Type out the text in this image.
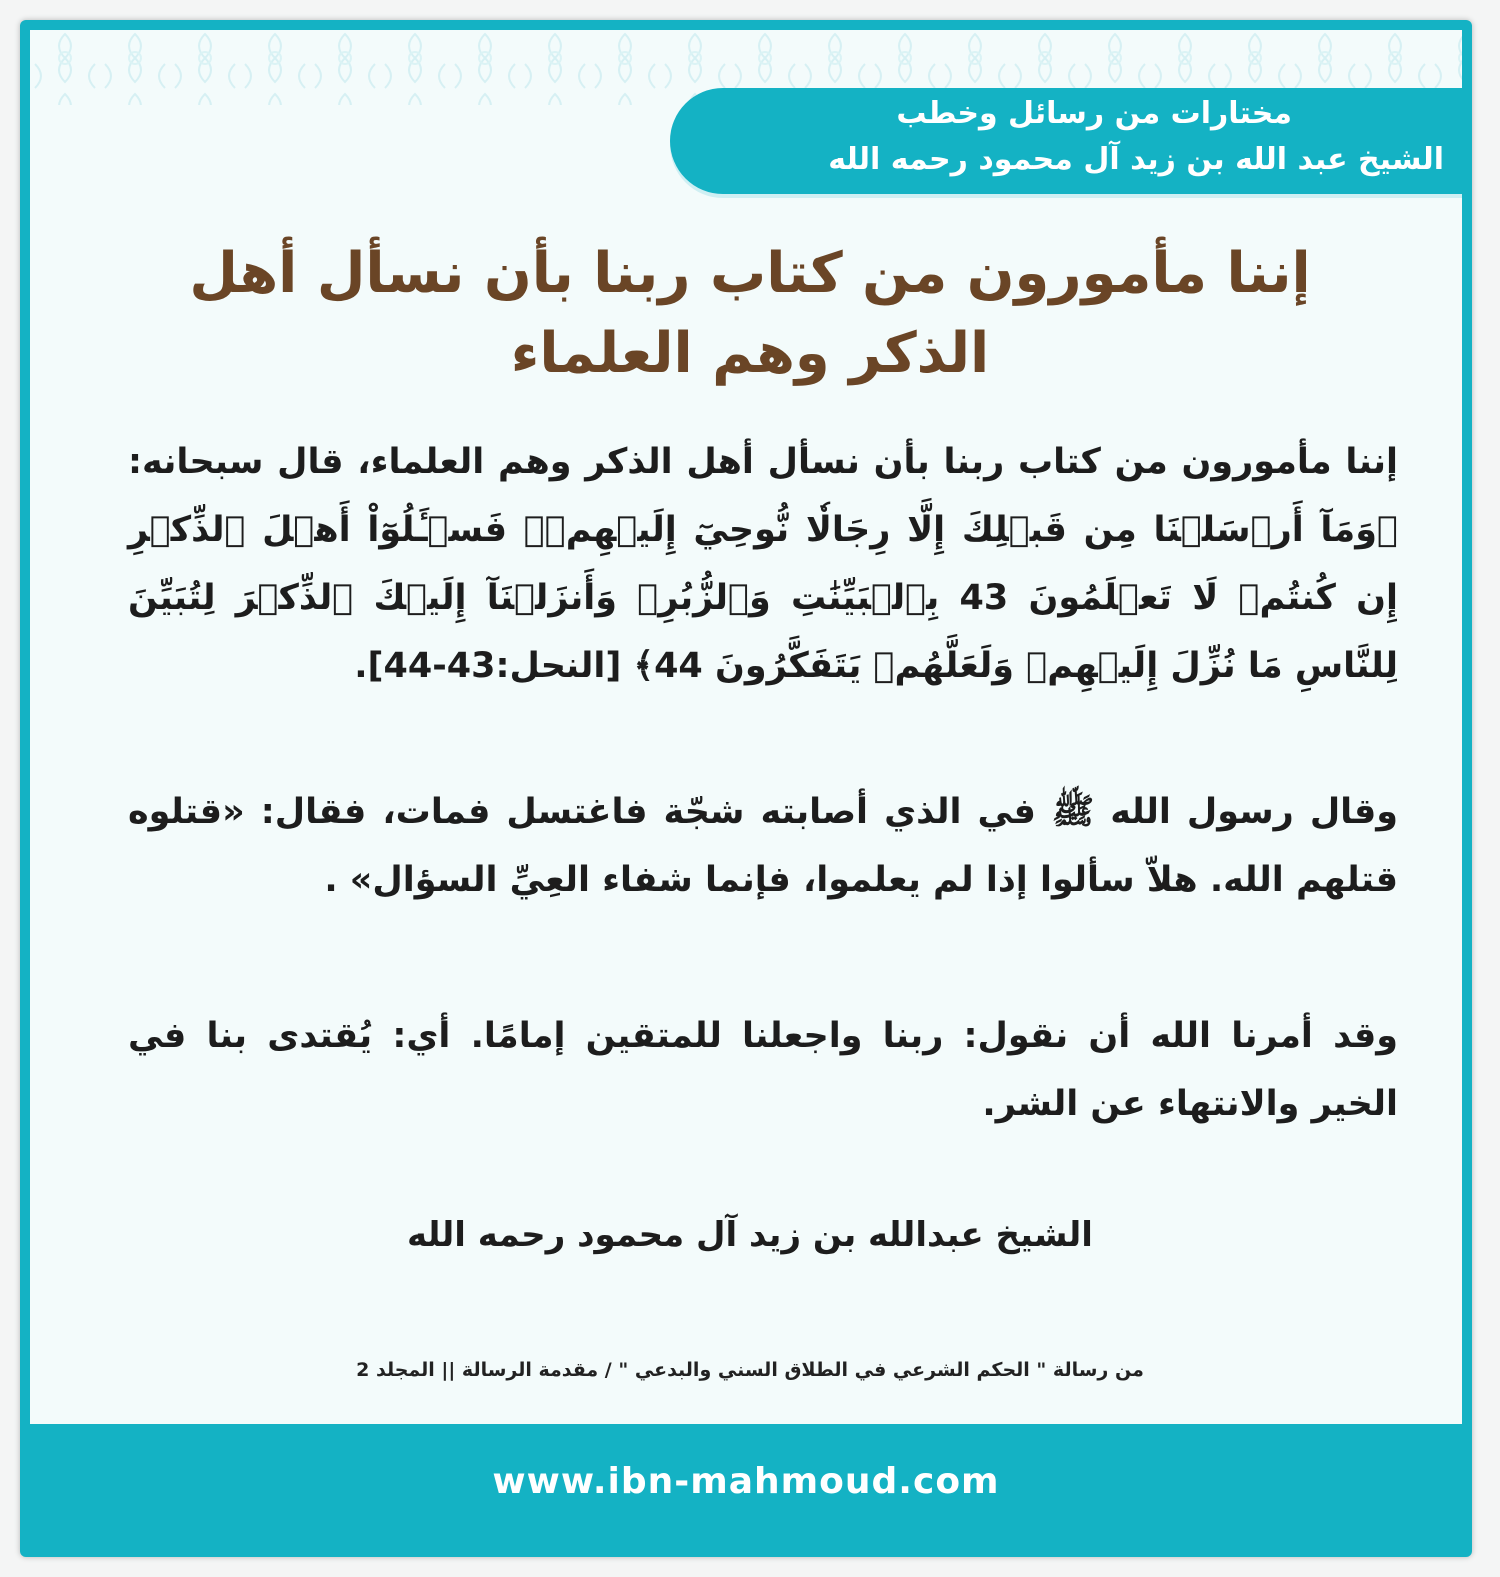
مختارات من رسائل وخطب
الشيخ عبد الله بن زيد آل محمود رحمه الله
إننا مأمورون من كتاب ربنا بأن نسأل أهل
الذكر وهم العلماء
إننا مأمورون من كتاب ربنا بأن نسأل أهل الذكر وهم العلماء، قال سبحانه: ﴿وَمَآ أَرۡسَلۡنَا مِن قَبۡلِكَ إِلَّا رِجَالٗا نُّوحِيٓ إِلَيۡهِمۡۖ فَسۡـَٔلُوٓاْ أَهۡلَ ٱلذِّكۡرِ إِن كُنتُمۡ لَا تَعۡلَمُونَ 43 بِٱلۡبَيِّنَٰتِ وَٱلزُّبُرِۗ وَأَنزَلۡنَآ إِلَيۡكَ ٱلذِّكۡرَ لِتُبَيِّنَ لِلنَّاسِ مَا نُزِّلَ إِلَيۡهِمۡ وَلَعَلَّهُمۡ يَتَفَكَّرُونَ 44﴾ [النحل:43-44].
وقال رسول الله ﷺ في الذي أصابته شجّة فاغتسل فمات، فقال: «قتلوه قتلهم الله. هلاّ سألوا إذا لم يعلموا، فإنما شفاء العِيِّ السؤال» .
وقد أمرنا الله أن نقول: ربنا واجعلنا للمتقين إمامًا. أي: يُقتدى بنا في الخير والانتهاء عن الشر.
الشيخ عبدالله بن زيد آل محمود رحمه الله
من رسالة " الحكم الشرعي في الطلاق السني والبدعي " / مقدمة الرسالة || المجلد 2
www.ibn-mahmoud.com
